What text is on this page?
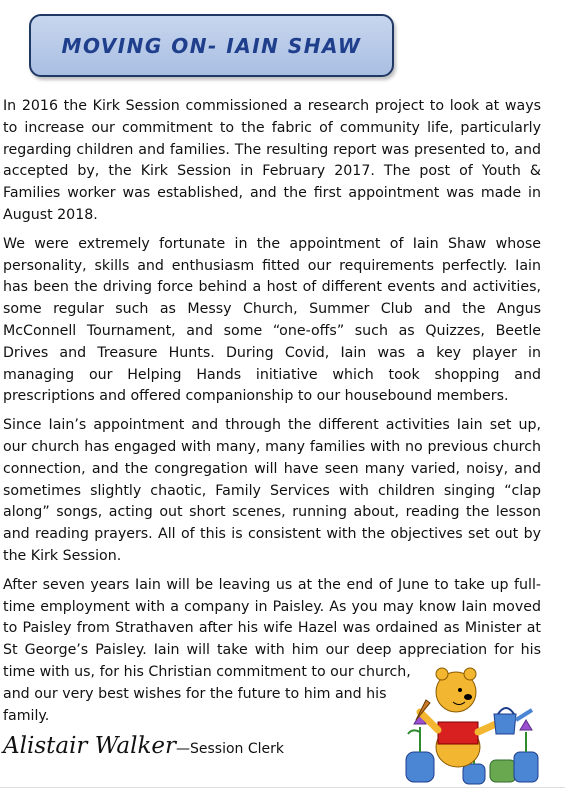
MOVING ON- IAIN SHAW

In 2016 the Kirk Session commissioned a research project to look at ways to increase our commitment to the fabric of community life, particularly regarding children and families. The resulting report was presented to, and accepted by, the Kirk Session in February 2017. The post of Youth & Families worker was established, and the first appointment was made in August 2018.

We were extremely fortunate in the appointment of Iain Shaw whose personality, skills and enthusiasm fitted our requirements perfectly. Iain has been the driving force behind a host of different events and activities, some regular such as Messy Church, Summer Club and the Angus McConnell Tournament, and some “one-offs” such as Quizzes, Beetle Drives and Treasure Hunts. During Covid, Iain was a key player in managing our Helping Hands initiative which took shopping and prescriptions and offered companionship to our housebound members.

Since Iain’s appointment and through the different activities Iain set up, our church has engaged with many, many families with no previous church connection, and the congregation will have seen many varied, noisy, and sometimes slightly chaotic, Family Services with children singing “clap along” songs, acting out short scenes, running about, reading the lesson and reading prayers. All of this is consistent with the objectives set out by the Kirk Session.

After seven years Iain will be leaving us at the end of June to take up full-time employment with a company in Paisley. As you may know Iain moved to Paisley from Strathaven after his wife Hazel was ordained as Minister at St George’s Paisley. Iain will take with him our deep appreciation for his time with us, for his Christian commitment to our church,
and our very best wishes for the future to him and his family.

Alistair Walker — Session Clerk
